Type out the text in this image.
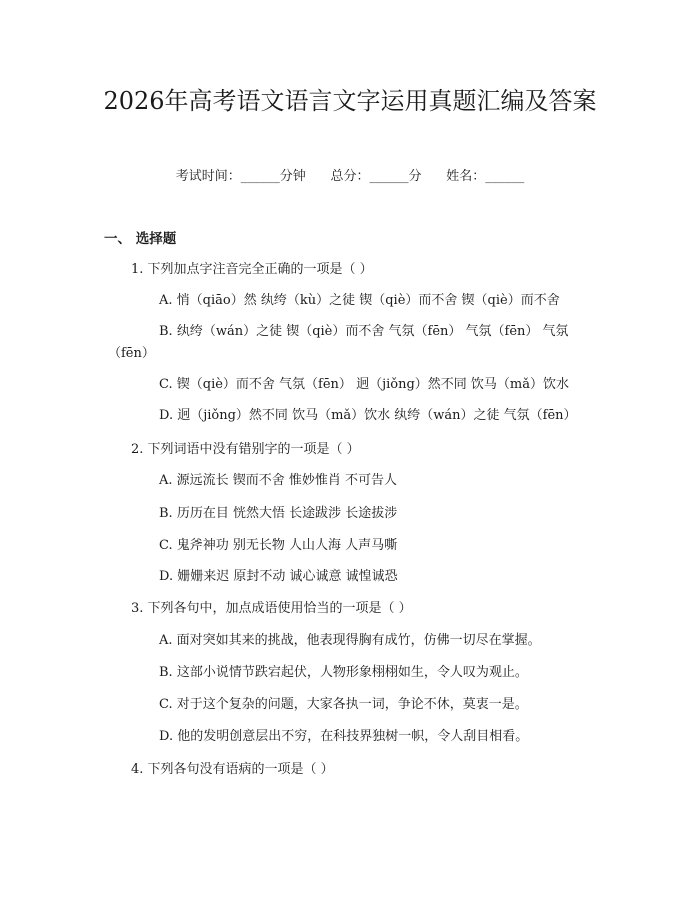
2026年高考语文语言文字运用真题汇编及答案
考试时间：______分钟      总分：______分      姓名：______
一、 选择题
1. 下列加点字注音完全正确的一项是（ ）
A. 悄（qiāo）然 纨绔（kù）之徒 锲（qiè）而不舍 锲（qiè）而不舍
B. 纨绔（wán）之徒 锲（qiè）而不舍 气氛（fēn） 气氛（fēn） 气氛
（fēn）
C. 锲（qiè）而不舍 气氛（fēn） 迥（jiǒng）然不同 饮马（mǎ）饮水
D. 迥（jiǒng）然不同 饮马（mǎ）饮水 纨绔（wán）之徒 气氛（fēn）
2. 下列词语中没有错别字的一项是（ ）
A. 源远流长 锲而不舍 惟妙惟肖 不可告人
B. 历历在目 恍然大悟 长途跋涉 长途拔涉
C. 鬼斧神功 别无长物 人山人海 人声马嘶
D. 姗姗来迟 原封不动 诚心诚意 诚惶诚恐
3. 下列各句中，加点成语使用恰当的一项是（ ）
A. 面对突如其来的挑战，他表现得胸有成竹，仿佛一切尽在掌握。
B. 这部小说情节跌宕起伏，人物形象栩栩如生，令人叹为观止。
C. 对于这个复杂的问题，大家各执一词，争论不休，莫衷一是。
D. 他的发明创意层出不穷，在科技界独树一帜，令人刮目相看。
4. 下列各句没有语病的一项是（ ）
